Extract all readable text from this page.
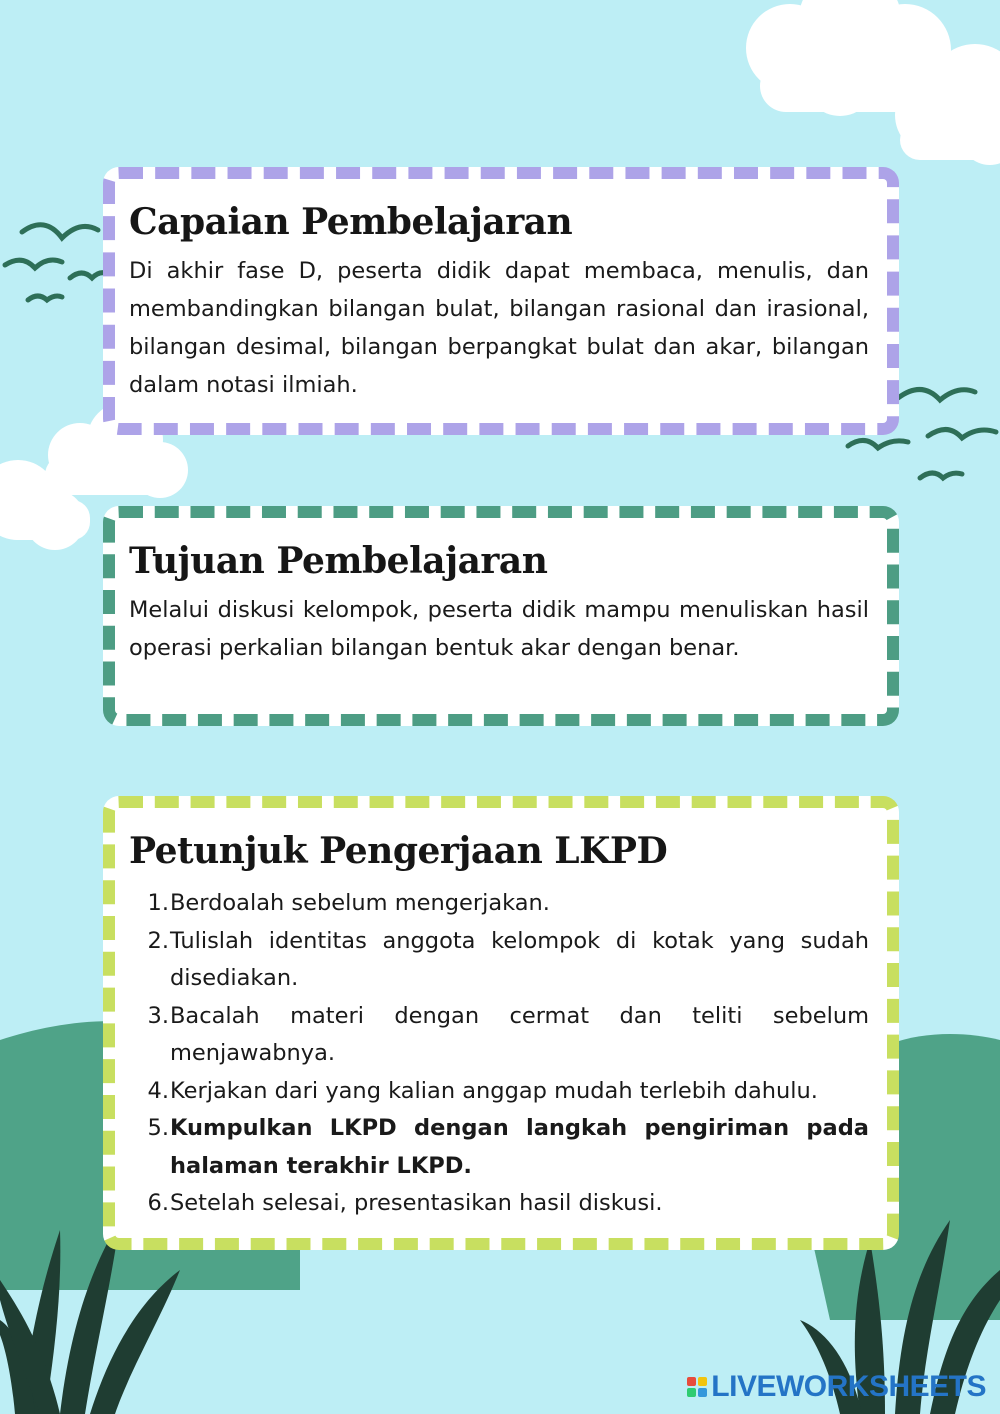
Capaian Pembelajaran

Di akhir fase D, peserta didik dapat membaca, menulis, dan membandingkan bilangan bulat, bilangan rasional dan irasional, bilangan desimal, bilangan berpangkat bulat dan akar, bilangan dalam notasi ilmiah.

Tujuan Pembelajaran

Melalui diskusi kelompok, peserta didik mampu menuliskan hasil operasi perkalian bilangan bentuk akar dengan benar.

Petunjuk Pengerjaan LKPD
1. Berdoalah sebelum mengerjakan.
2. Tulislah identitas anggota kelompok di kotak yang sudah disediakan.
3. Bacalah materi dengan cermat dan teliti sebelum menjawabnya.
4. Kerjakan dari yang kalian anggap mudah terlebih dahulu.
5. Kumpulkan LKPD dengan langkah pengiriman pada halaman terakhir LKPD.
6. Setelah selesai, presentasikan hasil diskusi.
LIVEWORKSHEETS
